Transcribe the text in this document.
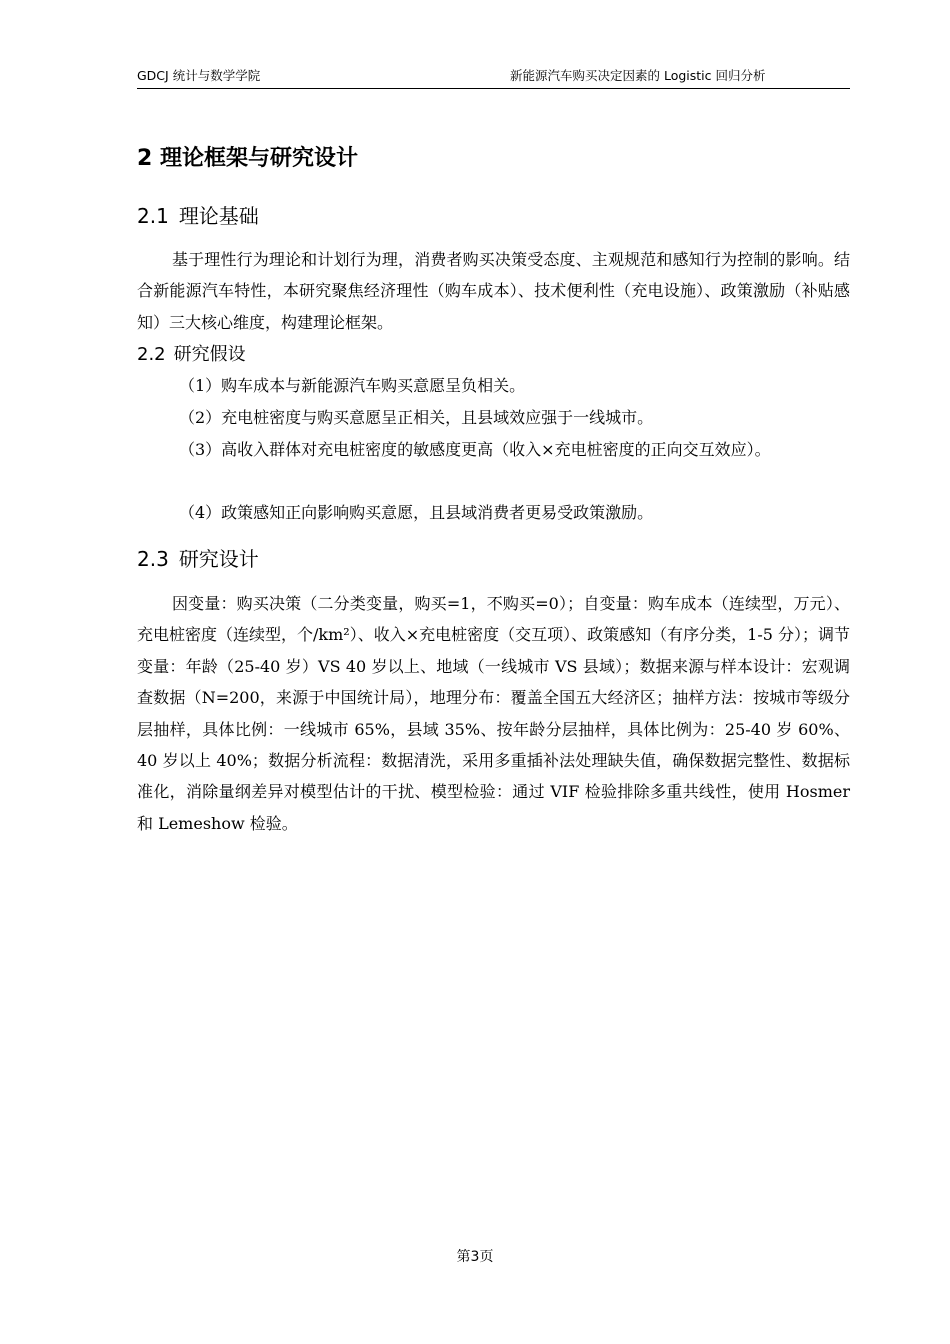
GDCJ 统计与数学学院	新能源汽车购买决定因素的 Logistic 回归分析
2 理论框架与研究设计
2.1 理论基础

基于理性行为理论和计划行为理，消费者购买决策受态度、主观规范和感知行为控制的影响。结合新能源汽车特性，本研究聚焦经济理性（购车成本）、技术便利性（充电设施）、政策激励（补贴感知）三大核心维度，构建理论框架。

2.2 研究假设

（1）购车成本与新能源汽车购买意愿呈负相关。

（2）充电桩密度与购买意愿呈正相关，且县域效应强于一线城市。

（3）高收入群体对充电桩密度的敏感度更高（收入×充电桩密度的正向交互效应）。

（4）政策感知正向影响购买意愿，且县域消费者更易受政策激励。

2.3 研究设计

因变量：购买决策（二分类变量，购买=1，不购买=0）；自变量：购车成本（连续型，万元）、充电桩密度（连续型，个/km²）、收入×充电桩密度（交互项）、政策感知（有序分类，1-5 分）；调节变量：年龄（25-40 岁）VS 40 岁以上、地域（一线城市 VS 县域）；数据来源与样本设计：宏观调查数据（N=200，来源于中国统计局），地理分布：覆盖全国五大经济区；抽样方法：按城市等级分层抽样，具体比例：一线城市 65%，县域 35%、按年龄分层抽样，具体比例为：25-40 岁 60%、40 岁以上 40%；数据分析流程：数据清洗，采用多重插补法处理缺失值，确保数据完整性、数据标准化，消除量纲差异对模型估计的干扰、模型检验：通过 VIF 检验排除多重共线性，使用 Hosmer 和 Lemeshow 检验。

第3页
